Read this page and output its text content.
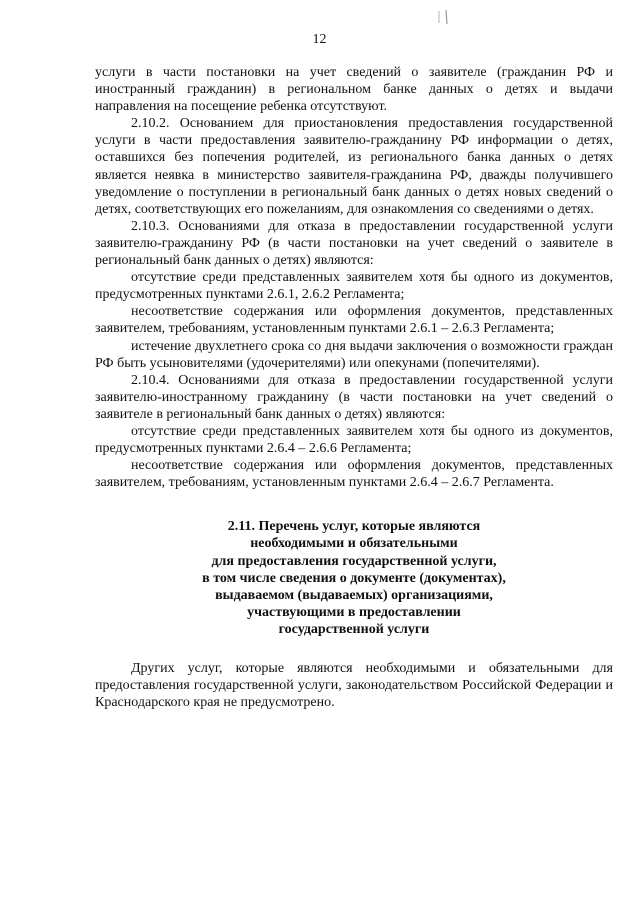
12

услуги в части постановки на учет сведений о заявителе (гражданин РФ и иностранный гражданин) в региональном банке данных о детях и выдачи направления на посещение ребенка отсутствуют.

2.10.2. Основанием для приостановления предоставления государственной услуги в части предоставления заявителю-гражданину РФ информации о детях, оставшихся без попечения родителей, из регионального банка данных о детях является неявка в министерство заявителя-гражданина РФ, дважды получившего уведомление о поступлении в региональный банк данных о детях новых сведений о детях, соответствующих его пожеланиям, для ознакомления со сведениями о детях.

2.10.3. Основаниями для отказа в предоставлении государственной услуги заявителю-гражданину РФ (в части постановки на учет сведений о заявителе в региональный банк данных о детях) являются:

отсутствие среди представленных заявителем хотя бы одного из документов, предусмотренных пунктами 2.6.1, 2.6.2 Регламента;

несоответствие содержания или оформления документов, представленных заявителем, требованиям, установленным пунктами 2.6.1 – 2.6.3 Регламента;

истечение двухлетнего срока со дня выдачи заключения о возможности граждан РФ быть усыновителями (удочерителями) или опекунами (попечителями).

2.10.4. Основаниями для отказа в предоставлении государственной услуги заявителю-иностранному гражданину (в части постановки на учет сведений о заявителе в региональный банк данных о детях) являются:

отсутствие среди представленных заявителем хотя бы одного из документов, предусмотренных пунктами 2.6.4 – 2.6.6 Регламента;

несоответствие содержания или оформления документов, представленных заявителем, требованиям, установленным пунктами 2.6.4 – 2.6.7 Регламента.

2.11. Перечень услуг, которые являются
необходимыми и обязательными
для предоставления государственной услуги,
в том числе сведения о документе (документах),
выдаваемом (выдаваемых) организациями,
участвующими в предоставлении
государственной услуги

Других услуг, которые являются необходимыми и обязательными для предоставления государственной услуги, законодательством Российской Федерации и Краснодарского края не предусмотрено.
